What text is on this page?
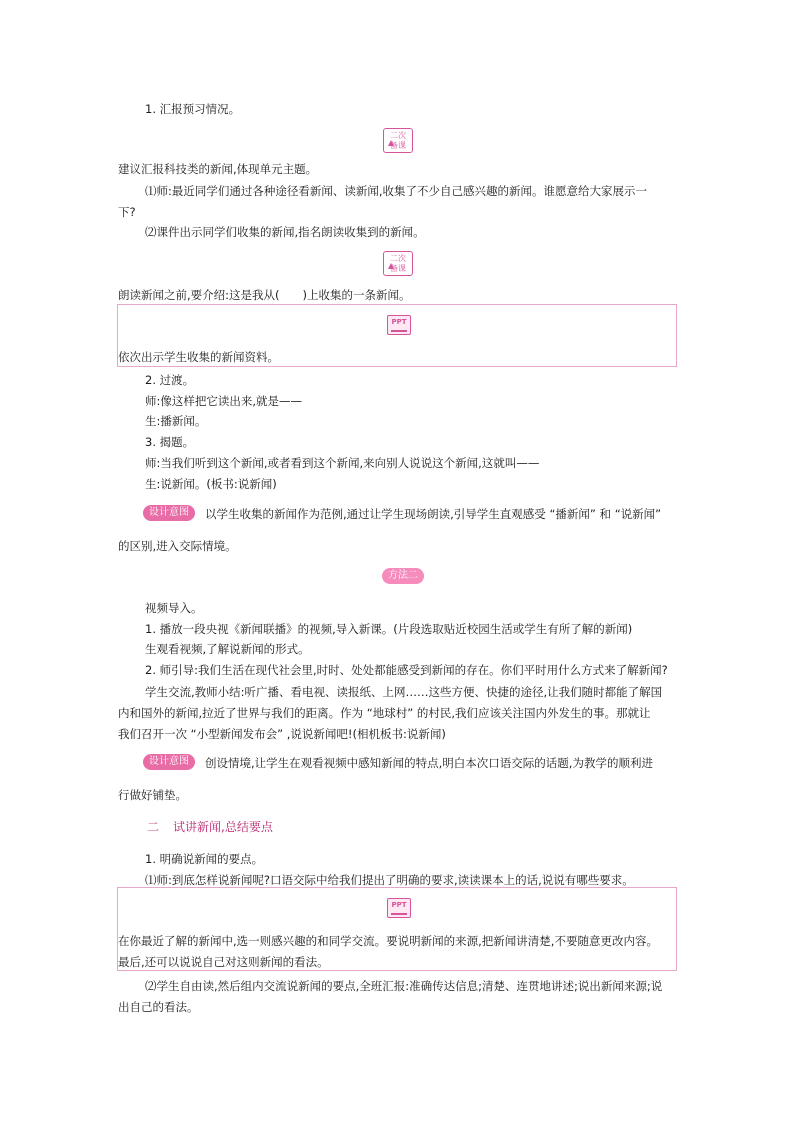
1. 汇报预习情况。
二次
备课
建议汇报科技类的新闻,体现单元主题。
⑴师:最近同学们通过各种途径看新闻、读新闻,收集了不少自己感兴趣的新闻。谁愿意给大家展示一
下?
⑵课件出示同学们收集的新闻,指名朗读收集到的新闻。
二次
备课
朗读新闻之前,要介绍:这是我从(　　)上收集的一条新闻。
PPT
依次出示学生收集的新闻资料。
2. 过渡。
师:像这样把它读出来,就是——
生:播新闻。
3. 揭题。
师:当我们听到这个新闻,或者看到这个新闻,来向别人说说这个新闻,这就叫——
生:说新闻。(板书:说新闻)
设计意图	以学生收集的新闻作为范例,通过让学生现场朗读,引导学生直观感受 “播新闻” 和 “说新闻”
的区别,进入交际情境。
方法二
视频导入。
1. 播放一段央视《新闻联播》的视频,导入新课。(片段选取贴近校园生活或学生有所了解的新闻)
生观看视频,了解说新闻的形式。
2. 师引导:我们生活在现代社会里,时时、处处都能感受到新闻的存在。你们平时用什么方式来了解新闻?
学生交流,教师小结:听广播、看电视、读报纸、上网……这些方便、快捷的途径,让我们随时都能了解国
内和国外的新闻,拉近了世界与我们的距离。作为 “地球村” 的村民,我们应该关注国内外发生的事。那就让
我们召开一次 “小型新闻发布会” ,说说新闻吧!(相机板书:说新闻)
设计意图	创设情境,让学生在观看视频中感知新闻的特点,明白本次口语交际的话题,为教学的顺利进
行做好铺垫。
二 试讲新闻,总结要点
1. 明确说新闻的要点。
⑴师:到底怎样说新闻呢?口语交际中给我们提出了明确的要求,读读课本上的话,说说有哪些要求。
PPT
在你最近了解的新闻中,选一则感兴趣的和同学交流。要说明新闻的来源,把新闻讲清楚,不要随意更改内容。
最后,还可以说说自己对这则新闻的看法。
⑵学生自由读,然后组内交流说新闻的要点,全班汇报:准确传达信息;清楚、连贯地讲述;说出新闻来源;说
出自己的看法。
